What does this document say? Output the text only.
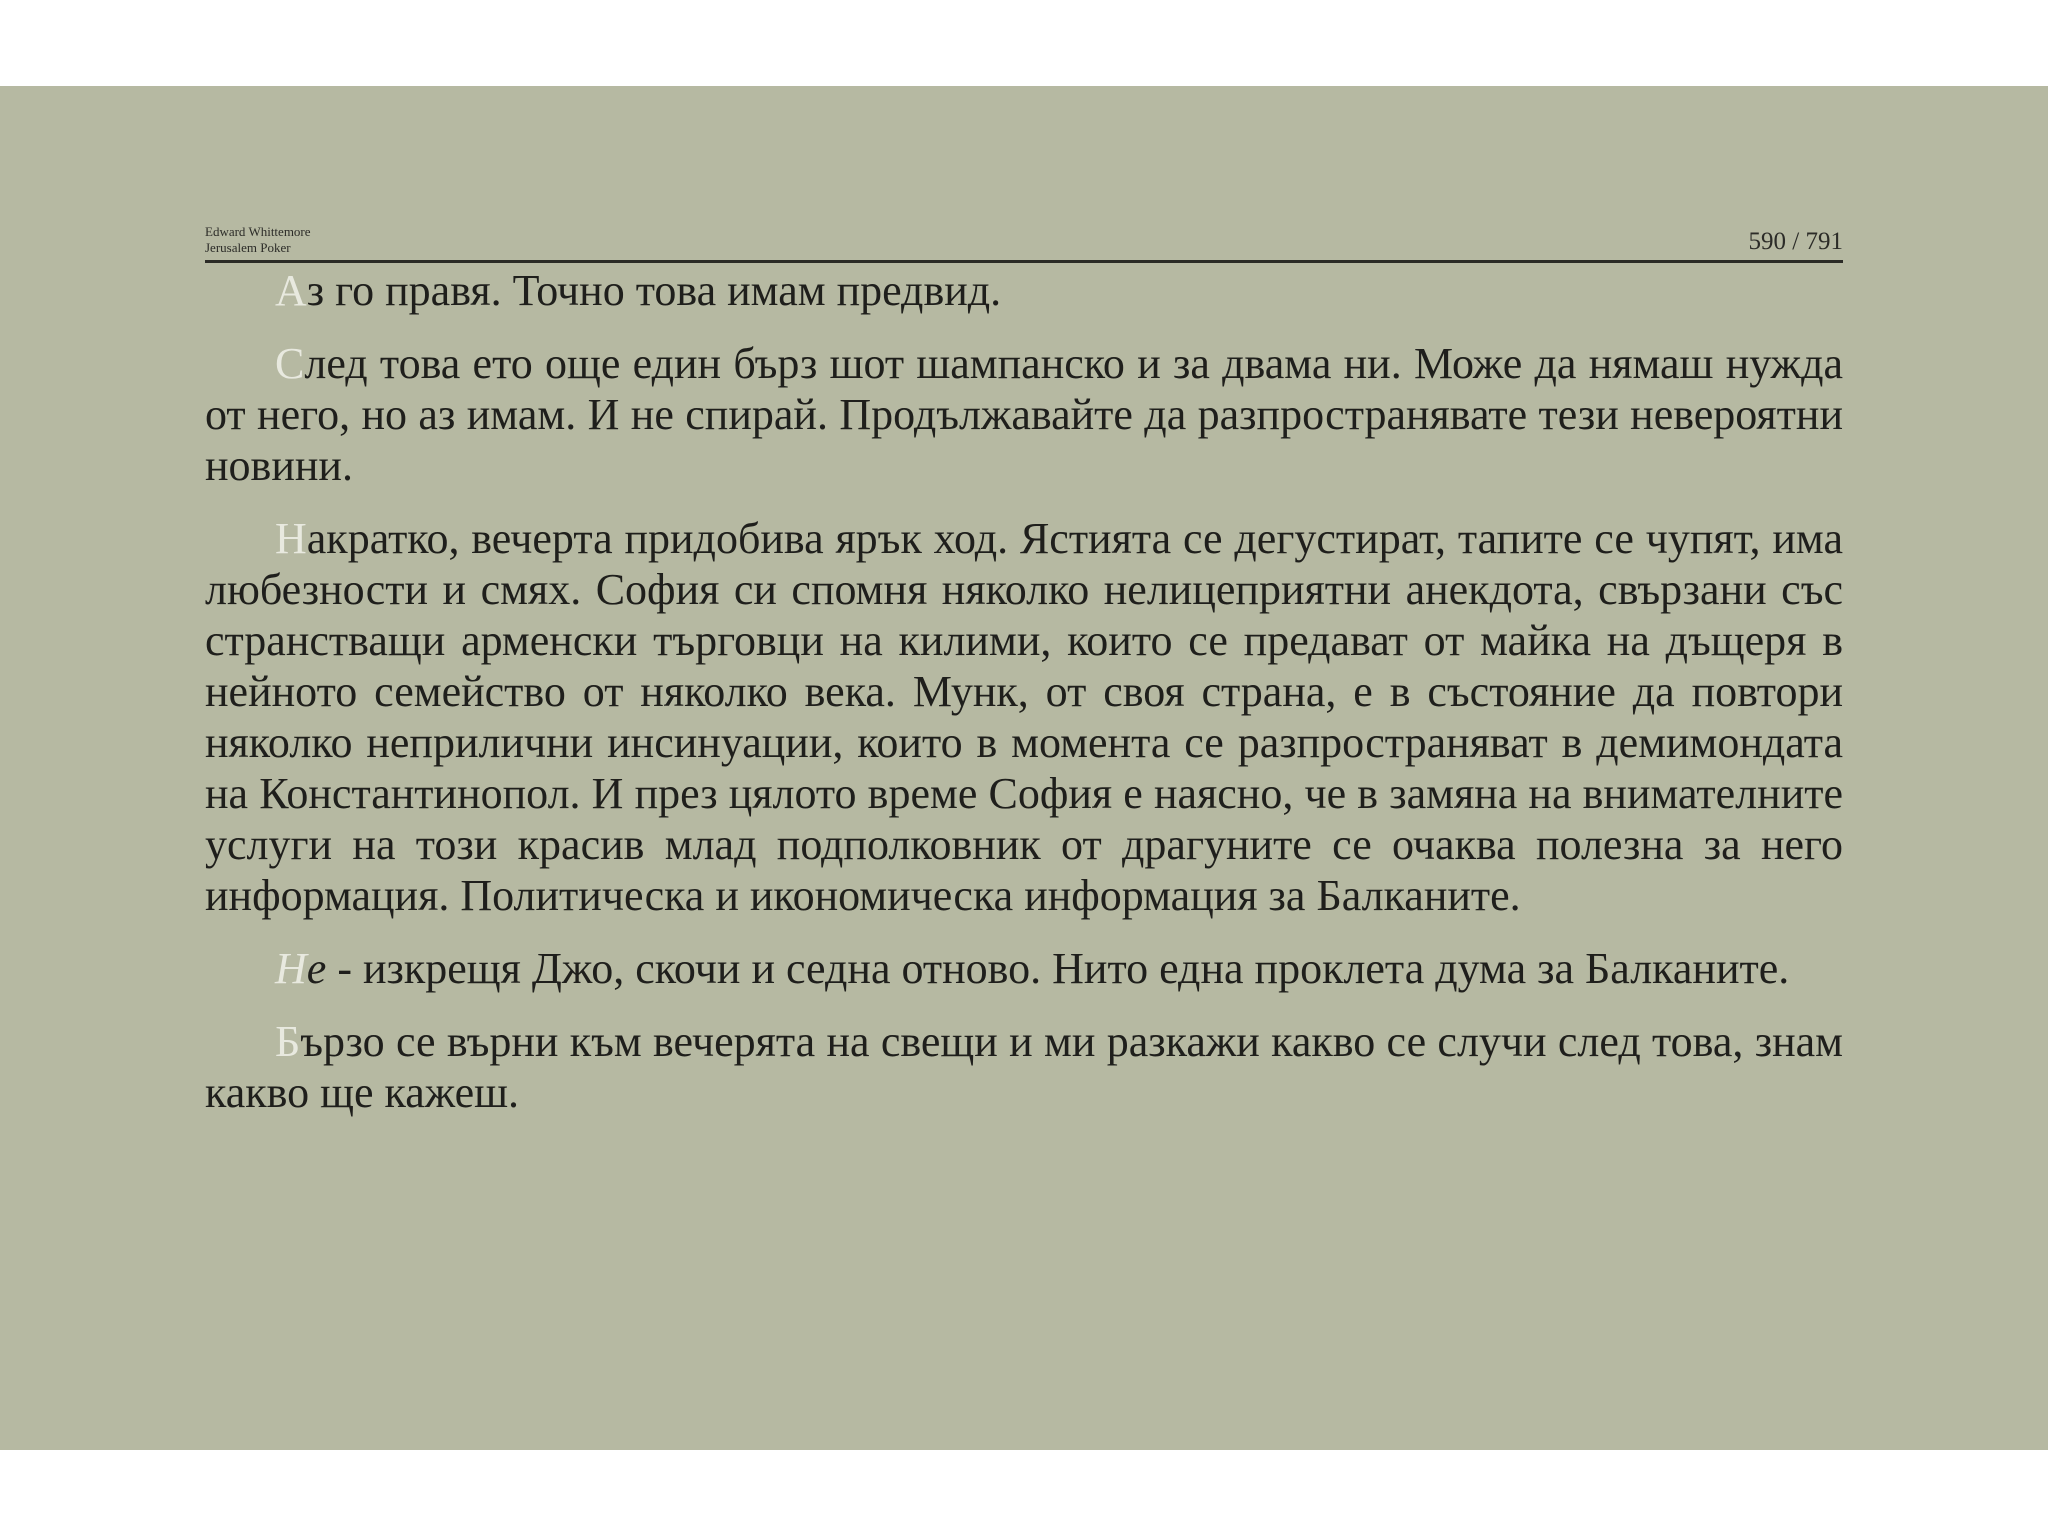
Edward Whittemore
Jerusalem Poker	590 / 791

Аз го правя. Точно това имам предвид.

След това ето още един бърз шот шампанско и за двама ни. Може да нямаш нужда от него, но аз имам. И не спирай. Продължавайте да разпространявате тези невероятни новини.

Накратко, вечерта придобива ярък ход. Ястията се дегустират, тапите се чупят, има любезности и смях. София си спомня няколко нелицеприятни анекдота, свързани със странстващи арменски търговци на килими, които се предават от майка на дъщеря в нейното семейство от няколко века. Мунк, от своя страна, е в състояние да повтори няколко неприлични инсинуации, които в момента се разпространяват в демимондата на Константинопол. И през цялото време София е наясно, че в замяна на внимателните услуги на този красив млад подполковник от драгуните се очаква полезна за него информация. Политическа и икономическа информация за Балканите.

Не - изкрещя Джо, скочи и седна отново. Нито една проклета дума за Балканите.

Бързо се върни към вечерята на свещи и ми разкажи какво се случи след това, знам какво ще кажеш.
